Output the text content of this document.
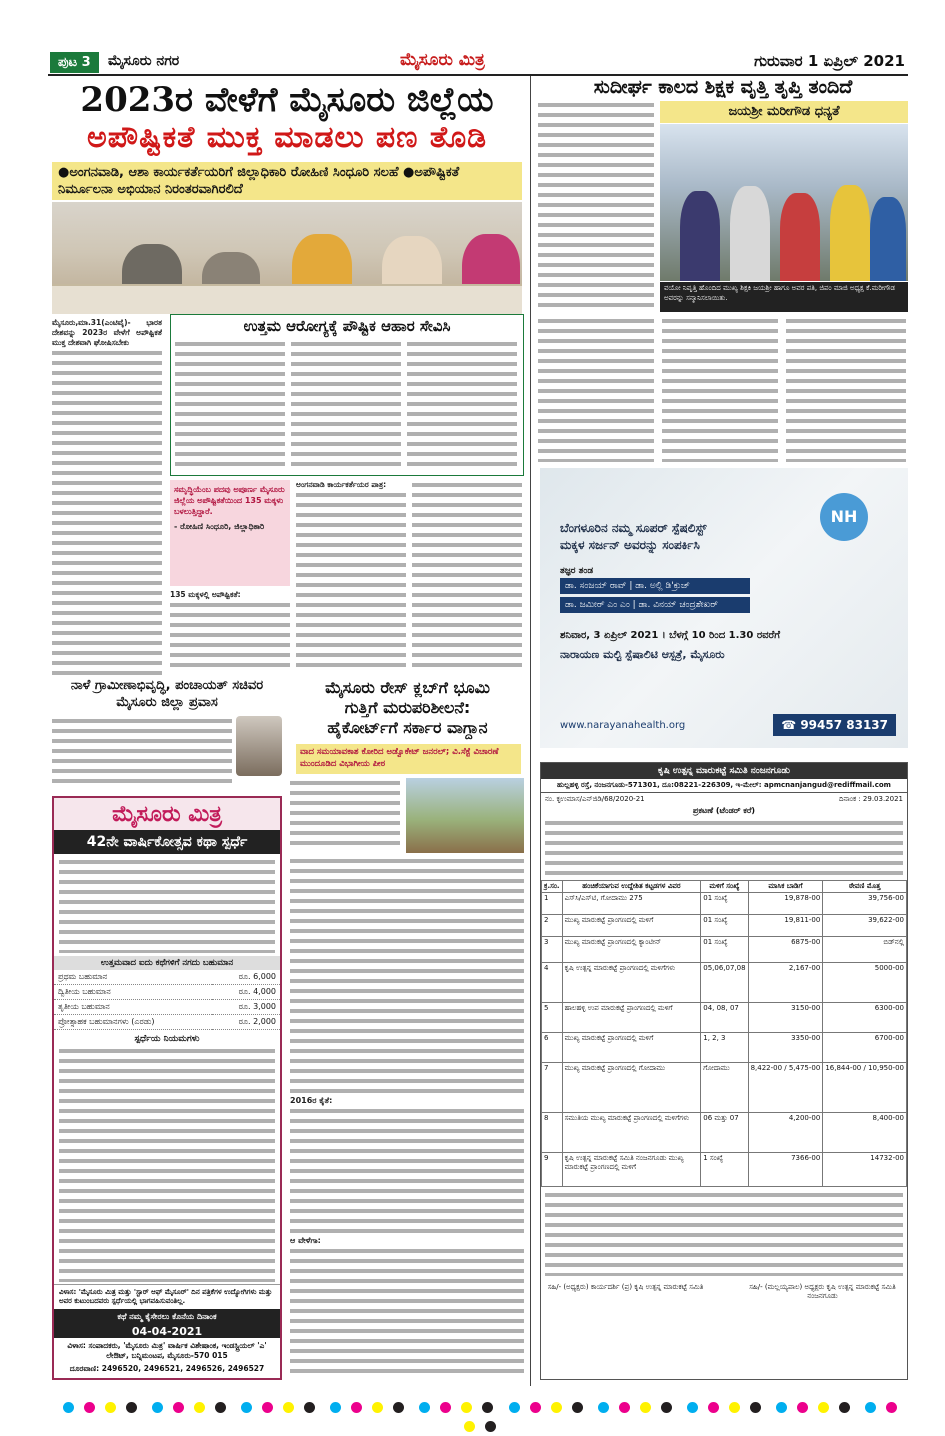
ಪುಟ 3	ಮೈಸೂರು ನಗರ	ಮೈಸೂರು ಮಿತ್ರ	ಗುರುವಾರ 1 ಏಪ್ರಿಲ್ 2021
2023ರ ವೇಳೆಗೆ ಮೈಸೂರು ಜಿಲ್ಲೆಯ
ಅಪೌಷ್ಟಿಕತೆ ಮುಕ್ತ ಮಾಡಲು ಪಣ ತೊಡಿ
●ಅಂಗನವಾಡಿ, ಆಶಾ ಕಾರ್ಯಕರ್ತೆಯರಿಗೆ ಜಿಲ್ಲಾಧಿಕಾರಿ ರೋಹಿಣಿ ಸಿಂಧೂರಿ ಸಲಹೆ ●ಅಪೌಷ್ಟಿಕತೆ ನಿರ್ಮೂಲನಾ ಅಭಿಯಾನ ನಿರಂತರವಾಗಿರಲಿದೆ
ಮೈಸೂರು,ಮಾ.31(ಎಂಟಿವೈ)- ಭಾರತ ದೇಶವನ್ನು 2023ರ ವೇಳೆಗೆ ಅಪೌಷ್ಟಿಕತೆ ಮುಕ್ತ ದೇಶವಾಗಿ ಘೋಷಿಸಬೇಕು
ಉತ್ತಮ ಆರೋಗ್ಯಕ್ಕೆ ಪೌಷ್ಟಿಕ ಆಹಾರ ಸೇವಿಸಿ
ಸಮೃದ್ಧಿಯೆಂಬ ಪದವು ಅಪೂರ್ಣ ಮೈಸೂರು ಜಿಲ್ಲೆಯ ಅಪೌಷ್ಟಿಕತೆಯಿಂದ 135 ಮಕ್ಕಳು ಬಳಲುತ್ತಿದ್ದಾರೆ.
- ರೋಹಿಣಿ ಸಿಂಧೂರಿ, ಜಿಲ್ಲಾಧಿಕಾರಿ
135 ಮಕ್ಕಳಲ್ಲಿ ಅಪೌಷ್ಟಿಕತೆ:
ಅಂಗನವಾಡಿ ಕಾರ್ಯಕರ್ತೆಯರ ಪಾತ್ರ:
ನಾಳೆ ಗ್ರಾಮೀಣಾಭಿವೃದ್ಧಿ, ಪಂಚಾಯತ್ ಸಚಿವರ ಮೈಸೂರು ಜಿಲ್ಲಾ ಪ್ರವಾಸ
ಮೈಸೂರು ಮಿತ್ರ
42ನೇ ವಾರ್ಷಿಕೋತ್ಸವ ಕಥಾ ಸ್ಪರ್ಧೆ
ಉತ್ತಮವಾದ ಐದು ಕಥೆಗಳಿಗೆ ನಗದು ಬಹುಮಾನ
ಪ್ರಥಮ ಬಹುಮಾನ	ರೂ. 6,000
ದ್ವಿತೀಯ ಬಹುಮಾನ	ರೂ. 4,000
ತೃತೀಯ ಬಹುಮಾನ	ರೂ. 3,000
ಪ್ರೋತ್ಸಾಹಕ ಬಹುಮಾನಗಳು (ಎರಡು)	ರೂ. 2,000
ಸ್ಪರ್ಧೆಯ ನಿಯಮಗಳು
ವಿಳಾಸ: 'ಮೈಸೂರು ಮಿತ್ರ ಮತ್ತು 'ಸ್ಟಾರ್ ಆಫ್ ಮೈಸೂರ್' ದಿನ ಪತ್ರಿಕೆಗಳ ಉದ್ಯೋಗಿಗಳು ಮತ್ತು ಅವರ ಕುಟುಂಬದವರು ಸ್ಪರ್ಧೆಯಲ್ಲಿ ಭಾಗವಹಿಸುವಂತಿಲ್ಲ.
ಕಥೆ ನಮ್ಮ ಕೈಸೇರಲು ಕೊನೆಯ ದಿನಾಂಕ
04-04-2021
ವಿಳಾಸ: ಸಂಪಾದಕರು, 'ಮೈಸೂರು ಮಿತ್ರ' ವಾರ್ಷಿಕ ವಿಶೇಷಾಂಕ, ಇಂಡಸ್ಟ್ರಿಯಲ್ 'ಎ' ಲೇಔಟ್, ಬನ್ನಿಮಂಟಪ, ಮೈಸೂರು-570 015
ದೂರವಾಣಿ: 2496520, 2496521, 2496526, 2496527
ಮೈಸೂರು ರೇಸ್ ಕ್ಲಬ್‌ಗೆ ಭೂಮಿ
ಗುತ್ತಿಗೆ ಮರುಪರಿಶೀಲನೆ:
ಹೈಕೋರ್ಟ್‌ಗೆ ಸರ್ಕಾರ ವಾಗ್ದಾನ
ವಾದ ಸಮಯಾವಕಾಶ ಕೋರಿದ ಅಡ್ವೊಕೇಟ್ ಜನರಲ್; ವಿ.ಸೆಕ್ಟೆ ವಿಚಾರಣೆ ಮುಂದೂಡಿದ ವಿಭಾಗೀಯ ಪೀಠ
2016ರ ಕೈತೆ:
ಆ ವೇಳೆಗಾ:
ಸುದೀರ್ಘ ಕಾಲದ ಶಿಕ್ಷಕ ವೃತ್ತಿ ತೃಪ್ತಿ ತಂದಿದೆ
ಜಯಶ್ರೀ ಮರೀಗೌಡ ಧನ್ಯತೆ
ವಯೋ ನಿವೃತ್ತಿ ಹೊಂದಿದ ಮುಖ್ಯ ಶಿಕ್ಷಕಿ ಜಯಶ್ರೀ ಹಾಗೂ ಅವರ ಪತಿ, ಜಿಪಂ ಮಾಜಿ ಅಧ್ಯಕ್ಷ ಕೆ.ಮರೀಗೌಡ ಅವರನ್ನು ಸನ್ಮಾನಿಸಲಾಯಿತು.
NH
ಬೆಂಗಳೂರಿನ ನಮ್ಮ ಸೂಪರ್ ಸ್ಪೆಷಲಿಸ್ಟ್
ಮಕ್ಕಳ ಸರ್ಜನ್ ಅವರನ್ನು ಸಂಪರ್ಕಿಸಿ
ತಜ್ಞರ ತಂಡ
ಡಾ. ಸಂಜಯ್ ರಾವ್ | ಡಾ. ಅಲ್ಲಿ ಡಿ'ಕ್ರುಜ್
ಡಾ. ಜಮೀರ್ ಎಂ ಎಂ | ಡಾ. ವಿನಯ್ ಚಂದ್ರಶೇಖರ್
ಶನಿವಾರ, 3 ಏಪ್ರಿಲ್ 2021 । ಬೆಳಗ್ಗೆ 10 ರಿಂದ 1.30 ರವರೆಗೆ
ನಾರಾಯಣ ಮಲ್ಟಿ ಸ್ಪೆಷಾಲಿಟಿ ಆಸ್ಪತ್ರೆ, ಮೈಸೂರು
www.narayanahealth.org	☎ 99457 83137
ಕೃಷಿ ಉತ್ಪನ್ನ ಮಾರುಕಟ್ಟೆ ಸಮಿತಿ ನಂಜನಗೂಡು
ಹುಲ್ಲಹಳ್ಳಿ ರಸ್ತೆ, ನಂಜನಗೂಡು-571301, ದೂ:08221-226309, ಇ-ಮೇಲ್: apmcnanjangud@rediffmail.com
ನಂ. ಕೃಉಮಾಸ/ಎನ್‌ಜಿಡಿ/68/2020-21	ದಿನಾಂಕ : 29.03.2021
ಪ್ರಕಟಣೆ (ಟೆಂಡರ್ ಕರೆ)
ಕ್ರ.ಸಂ.	ಹಂಚಿಕೆಯಾಗುವ ಉದ್ದೇಶಿತ ಕಟ್ಟಡಗಳ ವಿವರ	ಮಳಿಗೆ ಸಂಖ್ಯೆ	ಮಾಸಿಕ ಬಾಡಿಗೆ	ಠೇವಣಿ ಮೊತ್ತ
1	ಎಸ್‌ಸಿ/ಎಸ್‌ಟಿ, ಗೋದಾಮು 275	01 ಸಂಖ್ಯೆ	19,878-00	39,756-00
2	ಮುಖ್ಯ ಮಾರುಕಟ್ಟೆ ಪ್ರಾಂಗಣದಲ್ಲಿ ಮಳಿಗೆ	01 ಸಂಖ್ಯೆ	19,811-00	39,622-00
3	ಮುಖ್ಯ ಮಾರುಕಟ್ಟೆ ಪ್ರಾಂಗಣದಲ್ಲಿ ಕ್ಯಾಂಟೀನ್	01 ಸಂಖ್ಯೆ	6875-00	ಬಿಡ್‌ನಲ್ಲಿ
4	ಕೃಷಿ ಉತ್ಪನ್ನ ಮಾರುಕಟ್ಟೆ ಪ್ರಾಂಗಣದಲ್ಲಿ ಮಳಿಗೆಗಳು	05,06,07,08	2,167-00	5000-00
5	ಹಾಲಹಳ್ಳಿ ಉಪ ಮಾರುಕಟ್ಟೆ ಪ್ರಾಂಗಣದಲ್ಲಿ ಮಳಿಗೆ	04, 08, 07	3150-00	6300-00
6	ಮುಖ್ಯ ಮಾರುಕಟ್ಟೆ ಪ್ರಾಂಗಣದಲ್ಲಿ ಮಳಿಗೆ	1, 2, 3	3350-00	6700-00
7	ಮುಖ್ಯ ಮಾರುಕಟ್ಟೆ ಪ್ರಾಂಗಣದಲ್ಲಿ ಗೋದಾಮು	ಗೋದಾಮು	8,422-00 / 5,475-00	16,844-00 / 10,950-00
8	ಸಮುತಿಯ ಮುಖ್ಯ ಮಾರುಕಟ್ಟೆ ಪ್ರಾಂಗಣದಲ್ಲಿ ಮಳಿಗೆಗಳು	06 ಮತ್ತು 07	4,200-00	8,400-00
9	ಕೃಷಿ ಉತ್ಪನ್ನ ಮಾರುಕಟ್ಟೆ ಸಮಿತಿ ನಂಜನಗೂಡು ಮುಖ್ಯ ಮಾರುಕಟ್ಟೆ ಪ್ರಾಂಗಣದಲ್ಲಿ ಮಳಿಗೆ	1 ಸಂಖ್ಯೆ	7366-00	14732-00
ಸಹಿ/- (ಅಧ್ಯಕ್ಷರು) ಕಾರ್ಯದರ್ಶಿ (ಪ್ರ) ಕೃಷಿ ಉತ್ಪನ್ನ ಮಾರುಕಟ್ಟೆ ಸಮಿತಿ	ಸಹಿ/- (ಮಲ್ಲಯ್ಯಪಾಲ) ಅಧ್ಯಕ್ಷರು ಕೃಷಿ ಉತ್ಪನ್ನ ಮಾರುಕಟ್ಟೆ ಸಮಿತಿ ನಂಜನಗೂಡು
